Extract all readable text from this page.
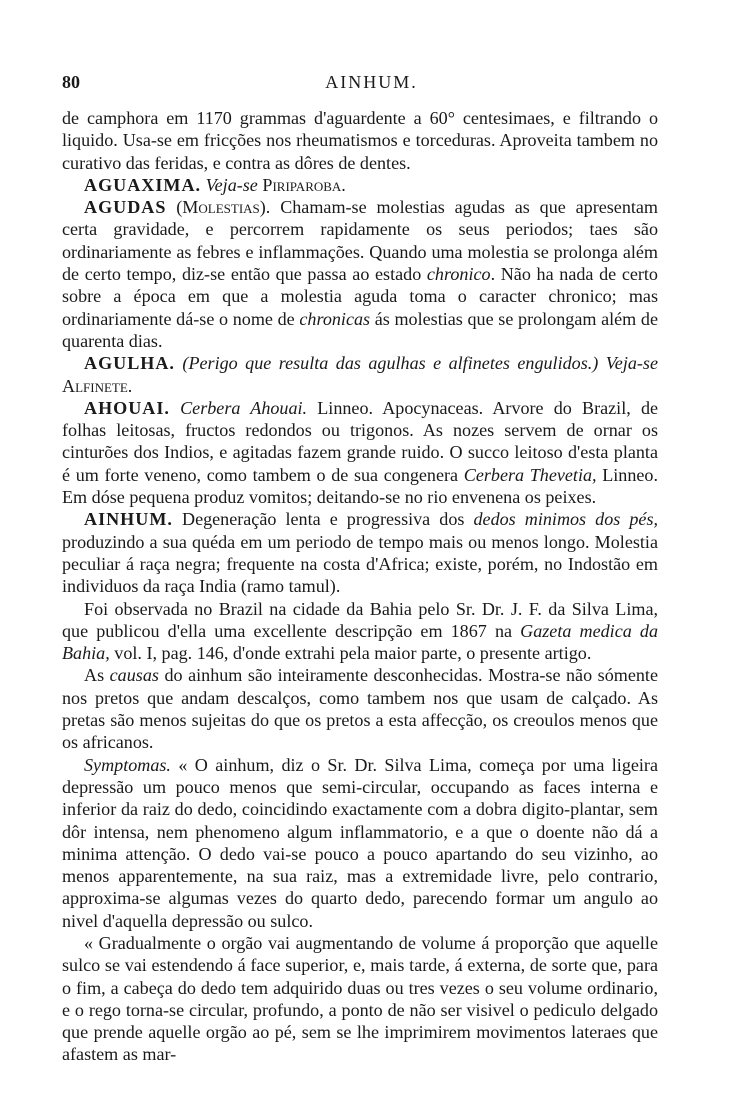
80	AINHUM.

de camphora em 1170 grammas d'aguardente a 60° centesimaes, e filtrando o liquido. Usa-se em fricções nos rheumatismos e torceduras. Aproveita tambem no curativo das feridas, e contra as dôres de dentes.

AGUAXIMA. Veja-se Piriparoba.

AGUDAS (Molestias). Chamam-se molestias agudas as que apresentam certa gravidade, e percorrem rapidamente os seus periodos; taes são ordinariamente as febres e inflammações. Quando uma molestia se prolonga além de certo tempo, diz-se então que passa ao estado chronico. Não ha nada de certo sobre a época em que a molestia aguda toma o caracter chronico; mas ordinariamente dá-se o nome de chronicas ás molestias que se prolongam além de quarenta dias.

AGULHA. (Perigo que resulta das agulhas e alfinetes engulidos.) Veja-se Alfinete.

AHOUAI. Cerbera Ahouai. Linneo. Apocynaceas. Arvore do Brazil, de folhas leitosas, fructos redondos ou trigonos. As nozes servem de ornar os cinturões dos Indios, e agitadas fazem grande ruido. O succo leitoso d'esta planta é um forte veneno, como tambem o de sua congenera Cerbera Thevetia, Linneo. Em dóse pequena produz vomitos; deitando-se no rio envenena os peixes.

AINHUM. Degeneração lenta e progressiva dos dedos minimos dos pés, produzindo a sua quéda em um periodo de tempo mais ou menos longo. Molestia peculiar á raça negra; frequente na costa d'Africa; existe, porém, no Indostão em individuos da raça India (ramo tamul).

Foi observada no Brazil na cidade da Bahia pelo Sr. Dr. J. F. da Silva Lima, que publicou d'ella uma excellente descripção em 1867 na Gazeta medica da Bahia, vol. I, pag. 146, d'onde extrahi pela maior parte, o presente artigo.

As causas do ainhum são inteiramente desconhecidas. Mostra-se não sómente nos pretos que andam descalços, como tambem nos que usam de calçado. As pretas são menos sujeitas do que os pretos a esta affecção, os creoulos menos que os africanos.

Symptomas. « O ainhum, diz o Sr. Dr. Silva Lima, começa por uma ligeira depressão um pouco menos que semi-circular, occupando as faces interna e inferior da raiz do dedo, coincidindo exactamente com a dobra digito-plantar, sem dôr intensa, nem phenomeno algum inflammatorio, e a que o doente não dá a minima attenção. O dedo vai-se pouco a pouco apartando do seu vizinho, ao menos apparentemente, na sua raiz, mas a extremidade livre, pelo contrario, approxima-se algumas vezes do quarto dedo, parecendo formar um angulo ao nivel d'aquella depressão ou sulco.

« Gradualmente o orgão vai augmentando de volume á proporção que aquelle sulco se vai estendendo á face superior, e, mais tarde, á externa, de sorte que, para o fim, a cabeça do dedo tem adquirido duas ou tres vezes o seu volume ordinario, e o rego torna-se circular, profundo, a ponto de não ser visivel o pediculo delgado que prende aquelle orgão ao pé, sem se lhe imprimirem movimentos lateraes que afastem as mar-
